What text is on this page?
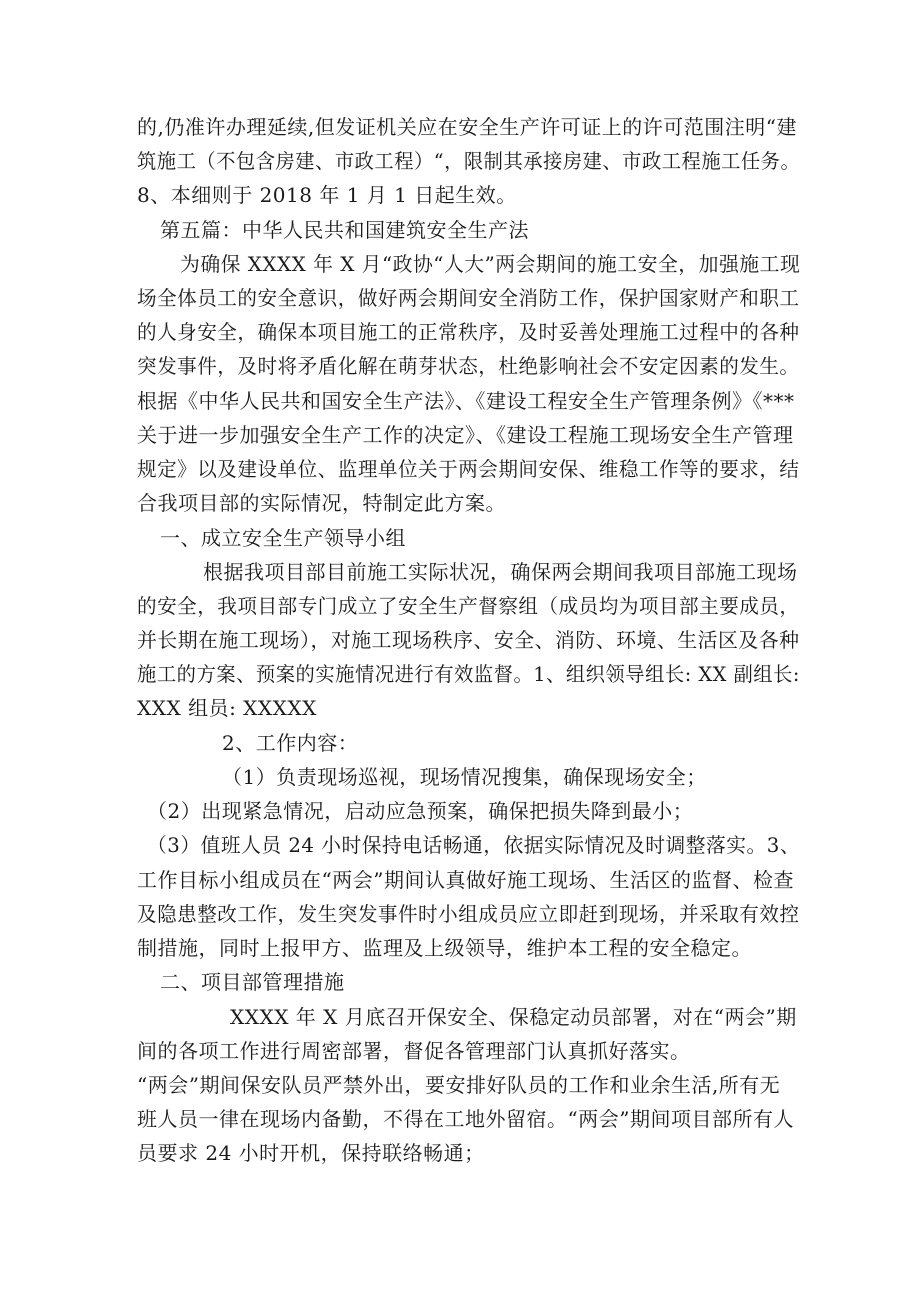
的,仍准许办理延续,但发证机关应在安全生产许可证上的许可范围注明“建
筑施工（不包含房建、市政工程）“，限制其承接房建、市政工程施工任务。
8、本细则于 2018 年 1 月 1 日起生效。
第五篇：中华人民共和国建筑安全生产法
为确保 XXXX 年 X 月“政协“人大”两会期间的施工安全，加强施工现
场全体员工的安全意识，做好两会期间安全消防工作，保护国家财产和职工
的人身安全，确保本项目施工的正常秩序，及时妥善处理施工过程中的各种
突发事件，及时将矛盾化解在萌芽状态，杜绝影响社会不安定因素的发生。
根据《中华人民共和国安全生产法》、《建设工程安全生产管理条例》《***
关于进一步加强安全生产工作的决定》、《建设工程施工现场安全生产管理
规定》以及建设单位、监理单位关于两会期间安保、维稳工作等的要求，结
合我项目部的实际情况，特制定此方案。
一、成立安全生产领导小组
根据我项目部目前施工实际状况，确保两会期间我项目部施工现场
的安全，我项目部专门成立了安全生产督察组（成员均为项目部主要成员，
并长期在施工现场），对施工现场秩序、安全、消防、环境、生活区及各种
施工的方案、预案的实施情况进行有效监督。1、组织领导组长: XX 副组长:
XXX 组员: XXXXX
2、工作内容：
（1）负责现场巡视，现场情况搜集，确保现场安全；
（2）出现紧急情况，启动应急预案，确保把损失降到最小；
（3）值班人员 24 小时保持电话畅通，依据实际情况及时调整落实。3、
工作目标小组成员在“两会”期间认真做好施工现场、生活区的监督、检查
及隐患整改工作，发生突发事件时小组成员应立即赶到现场，并采取有效控
制措施，同时上报甲方、监理及上级领导，维护本工程的安全稳定。
二、项目部管理措施
XXXX 年 X 月底召开保安全、保稳定动员部署，对在“两会”期
间的各项工作进行周密部署，督促各管理部门认真抓好落实。
“两会”期间保安队员严禁外出，要安排好队员的工作和业余生活,所有无
班人员一律在现场内备勤，不得在工地外留宿。“两会”期间项目部所有人
员要求 24 小时开机，保持联络畅通；
